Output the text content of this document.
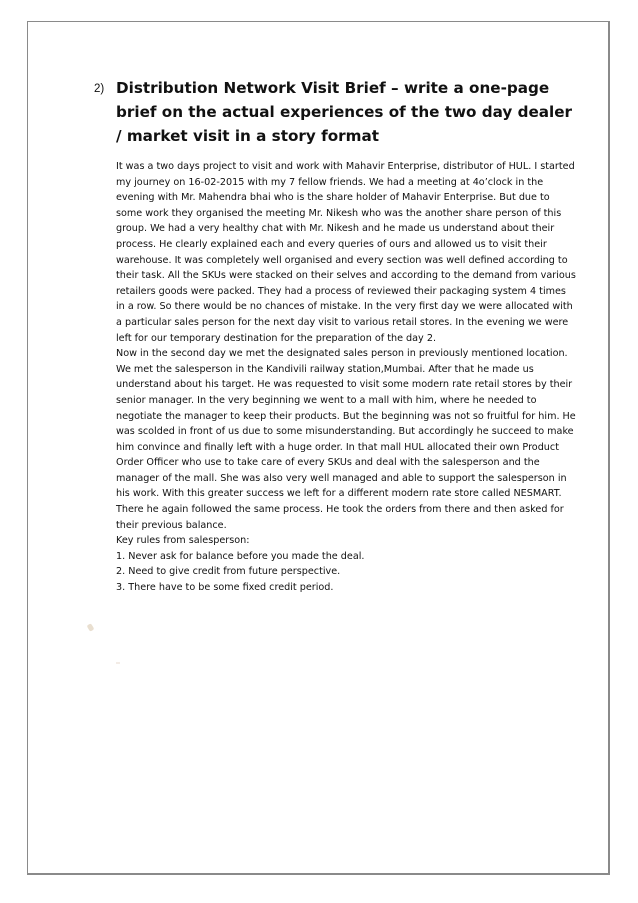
2) Distribution Network Visit Brief – write a one-page brief on the actual experiences of the two day dealer / market visit in a story format

It was a two days project to visit and work with Mahavir Enterprise, distributor of HUL. I started my journey on 16-02-2015 with my 7 fellow friends. We had a meeting at 4o’clock in the evening with Mr. Mahendra bhai who is the share holder of Mahavir Enterprise. But due to some work they organised the meeting Mr. Nikesh who was the another share person of this group. We had a very healthy chat with Mr. Nikesh and he made us understand about their process. He clearly explained each and every queries of ours and allowed us to visit their warehouse. It was completely well organised and every section was well defined according to their task. All the SKUs were stacked on their selves and according to the demand from various retailers goods were packed. They had a process of reviewed their packaging system 4 times in a row. So there would be no chances of mistake. In the very first day we were allocated with a particular sales person for the next day visit to various retail stores. In the evening we were left for our temporary destination for the preparation of the day 2.

Now in the second day we met the designated sales person in previously mentioned location. We met the salesperson in the Kandivili railway station,Mumbai. After that he made us understand about his target. He was requested to visit some modern rate retail stores by their senior manager. In the very beginning we went to a mall with him, where he needed to negotiate the manager to keep their products. But the beginning was not so fruitful for him. He was scolded in front of us due to some misunderstanding. But accordingly he succeed to make him convince and finally left with a huge order. In that mall HUL allocated their own Product Order Officer who use to take care of every SKUs and deal with the salesperson and the manager of the mall. She was also very well managed and able to support the salesperson in his work. With this greater success we left for a different modern rate store called NESMART. There he again followed the same process. He took the orders from there and then asked for their previous balance.

Key rules from salesperson:

1. Never ask for balance before you made the deal.

2. Need to give credit from future perspective.

3. There have to be some fixed credit period.
